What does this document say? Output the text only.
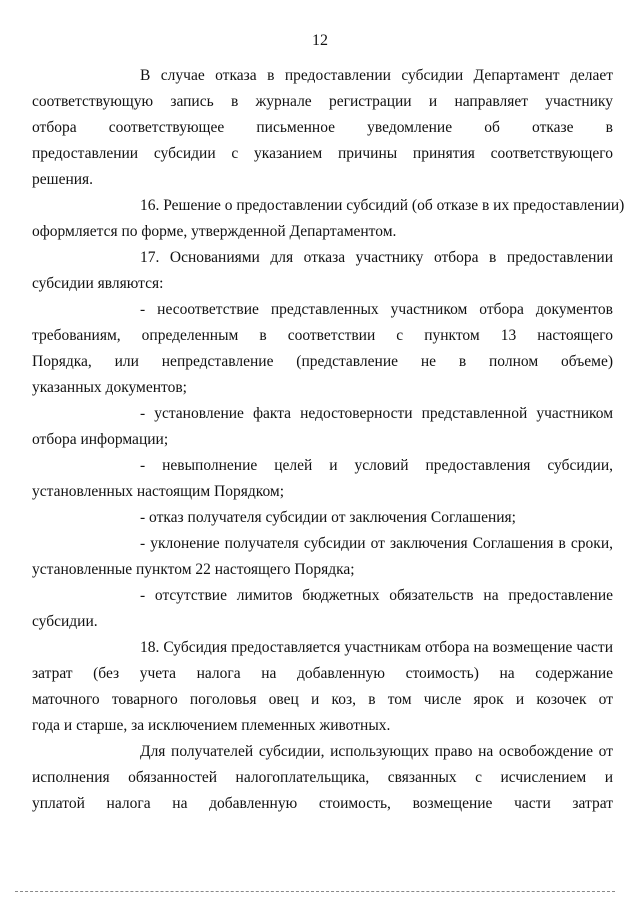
12
В случае отказа в предоставлении субсидии Департамент делает
соответствующую запись в журнале регистрации и направляет участнику
отбора соответствующее письменное уведомление об отказе в
предоставлении субсидии с указанием причины принятия соответствующего
решения.
16. Решение о предоставлении субсидий (об отказе в их предоставлении)
оформляется по форме, утвержденной Департаментом.
17. Основаниями для отказа участнику отбора в предоставлении
субсидии являются:
- несоответствие представленных участником отбора документов
требованиям, определенным в соответствии с пунктом 13 настоящего
Порядка, или непредставление (представление не в полном объеме)
указанных документов;
- установление факта недостоверности представленной участником
отбора информации;
- невыполнение целей и условий предоставления субсидии,
установленных настоящим Порядком;
- отказ получателя субсидии от заключения Соглашения;
- уклонение получателя субсидии от заключения Соглашения в сроки,
установленные пунктом 22 настоящего Порядка;
- отсутствие лимитов бюджетных обязательств на предоставление
субсидии.
18. Субсидия предоставляется участникам отбора на возмещение части
затрат (без учета налога на добавленную стоимость) на содержание
маточного товарного поголовья овец и коз, в том числе ярок и козочек от
года и старше, за исключением племенных животных.
Для получателей субсидии, использующих право на освобождение от
исполнения обязанностей налогоплательщика, связанных с исчислением и
уплатой налога на добавленную стоимость, возмещение части затрат
